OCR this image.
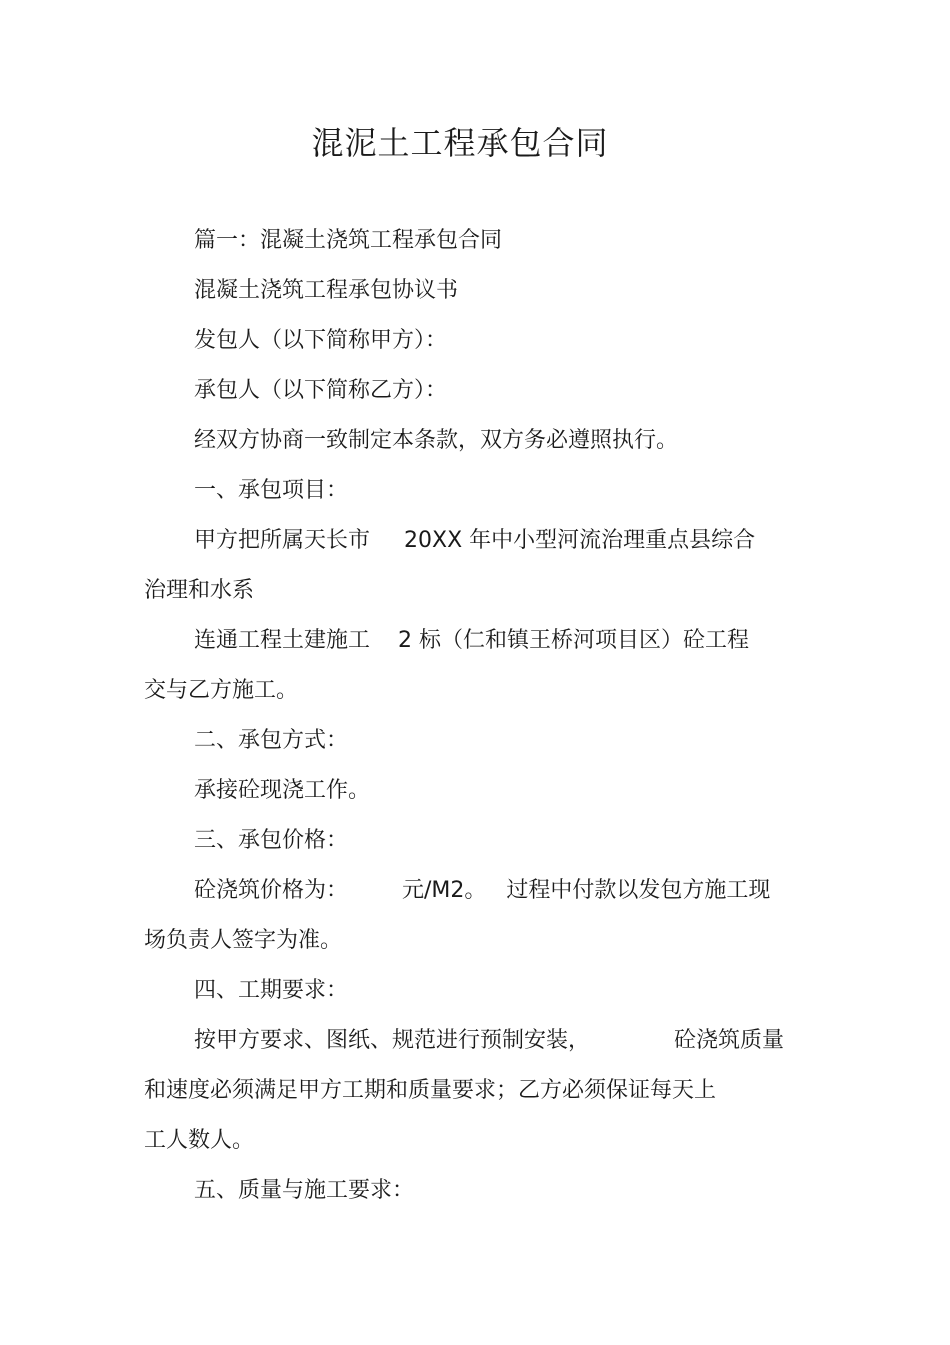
混泥土工程承包合同
篇一：混凝土浇筑工程承包合同
混凝土浇筑工程承包协议书
发包人（以下简称甲方）：
承包人（以下简称乙方）：
经双方协商一致制定本条款，双方务必遵照执行。
一、承包项目：
甲方把所属天长市 20XX 年中小型河流治理重点县综合
治理和水系
连通工程土建施工 2 标（仁和镇王桥河项目区）砼工程
交与乙方施工。
二、承包方式：
承接砼现浇工作。
三、承包价格：
砼浇筑价格为： 元/M2。 过程中付款以发包方施工现
场负责人签字为准。
四、工期要求：
按甲方要求、图纸、规范进行预制安装，	砼浇筑质量
和速度必须满足甲方工期和质量要求；乙方必须保证每天上
工人数人。
五、质量与施工要求：
